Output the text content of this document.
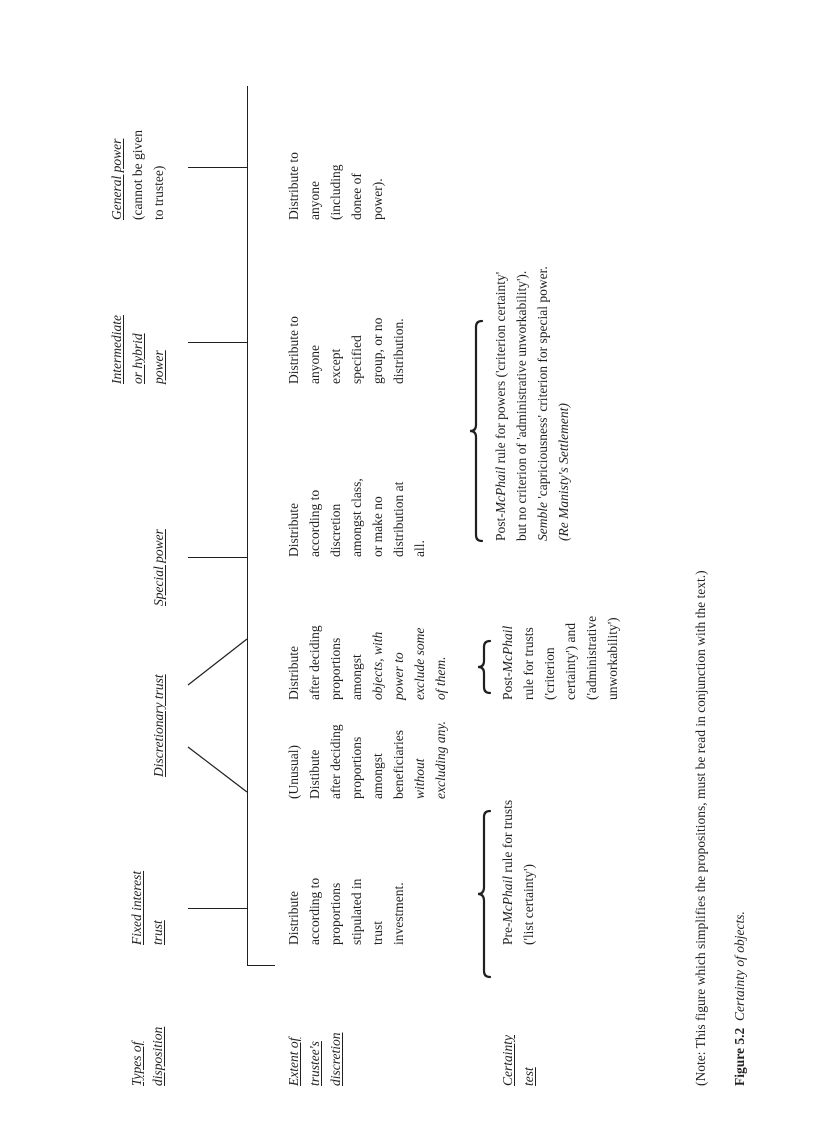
Types of disposition	Extent of trustee's discretion	Certainty test
Fixed interest trust
Discretionary trust
Special power
Intermediate or hybrid power
General power (cannot be given to trustee)
Distribute according to proportions stipulated in trust investment.
(Unusual) Distibute after deciding proportions amongst beneficiaries without excluding any.
Distribute after deciding proportions amongst objects, with power to exclude some of them.
Distribute according to discretion amongst class, or make no distribution at all.
Distribute to anyone except specified group, or no distribution.
Distribute to anyone (including donee of power).
Pre-McPhail rule for trusts
('list certainty')
Post-McPhail rule for trusts ('criterion certainty') and ('administrative unworkability')
Post-McPhail rule for powers ('criterion certainty' but no criterion of 'administrative unworkability'). Semble 'capriciousness' criterion for special power. (Re Manisty's Settlement)
(Note: This figure which simplifies the propositions, must be read in conjunction with the text.) Figure 5.2  Certainty of objects.
